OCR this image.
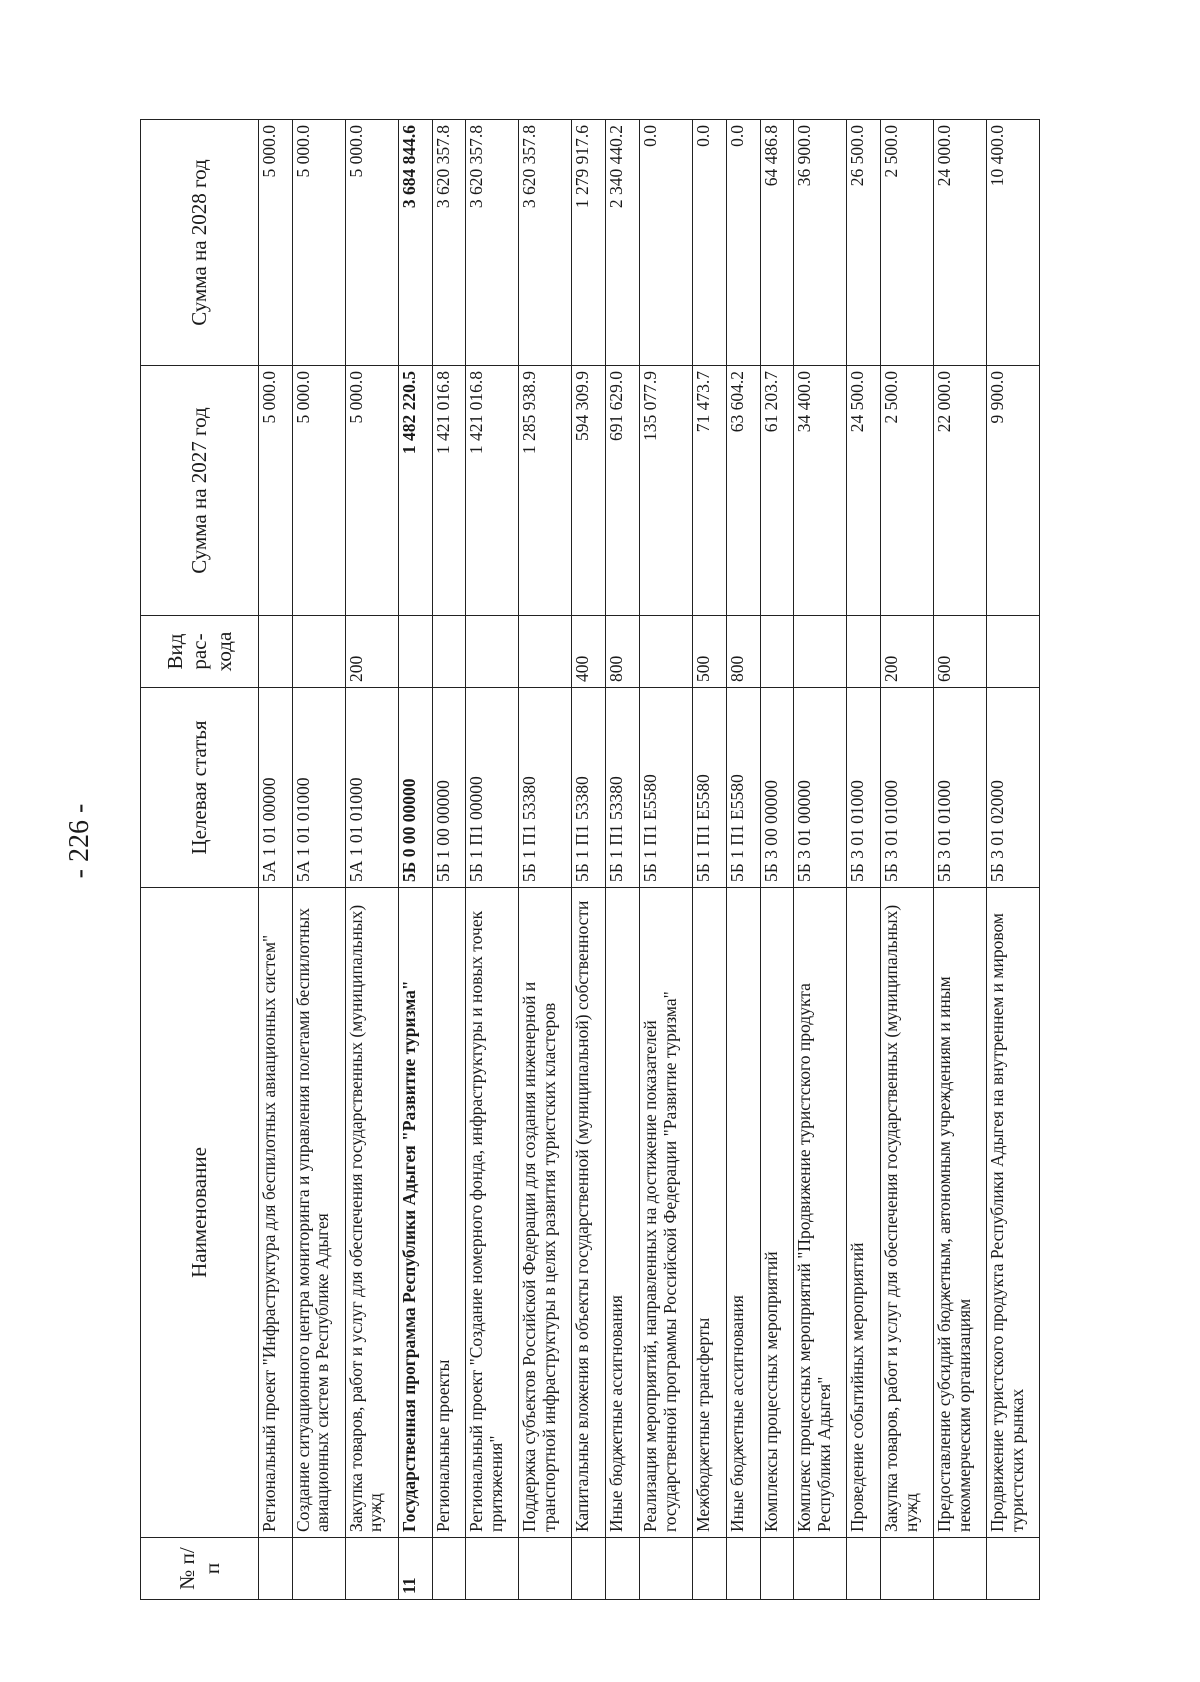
- 226 -
№ п/п	Наименование	Целевая статья	Вид рас- хода	Сумма на 2027 год	Сумма на 2028 год
	Региональный проект "Инфраструктура для беспилотных авиационных систем"	5А 1 01 00000		5 000.0	5 000.0
	Создание ситуационного центра мониторинга и управления полетами беспилотных авиационных систем в Республике Адыгея	5А 1 01 01000		5 000.0	5 000.0
	Закупка товаров, работ и услуг для обеспечения государственных (муниципальных) нужд	5А 1 01 01000	200	5 000.0	5 000.0
11	Государственная программа Республики Адыгея "Развитие туризма"	5Б 0 00 00000		1 482 220.5	3 684 844.6
	Региональные проекты	5Б 1 00 00000		1 421 016.8	3 620 357.8
	Региональный проект "Создание номерного фонда, инфраструктуры и новых точек притяжения"	5Б 1 П1 00000		1 421 016.8	3 620 357.8
	Поддержка субъектов Российской Федерации для создания инженерной и транспортной инфраструктуры в целях развития туристских кластеров	5Б 1 П1 53380		1 285 938.9	3 620 357.8
	Капитальные вложения в объекты государственной (муниципальной) собственности	5Б 1 П1 53380	400	594 309.9	1 279 917.6
	Иные бюджетные ассигнования	5Б 1 П1 53380	800	691 629.0	2 340 440.2
	Реализация мероприятий, направленных на достижение показателей государственной программы Российской Федерации "Развитие туризма"	5Б 1 П1 Е5580		135 077.9	0.0
	Межбюджетные трансферты	5Б 1 П1 Е5580	500	71 473.7	0.0
	Иные бюджетные ассигнования	5Б 1 П1 Е5580	800	63 604.2	0.0
	Комплексы процессных мероприятий	5Б 3 00 00000		61 203.7	64 486.8
	Комплекс процессных мероприятий "Продвижение туристского продукта Республики Адыгея"	5Б 3 01 00000		34 400.0	36 900.0
	Проведение событийных мероприятий	5Б 3 01 01000		24 500.0	26 500.0
	Закупка товаров, работ и услуг для обеспечения государственных (муниципальных) нужд	5Б 3 01 01000	200	2 500.0	2 500.0
	Предоставление субсидий бюджетным, автономным учреждениям и иным некоммерческим организациям	5Б 3 01 01000	600	22 000.0	24 000.0
	Продвижение туристского продукта Республики Адыгея на внутреннем и мировом туристских рынках	5Б 3 01 02000		9 900.0	10 400.0
